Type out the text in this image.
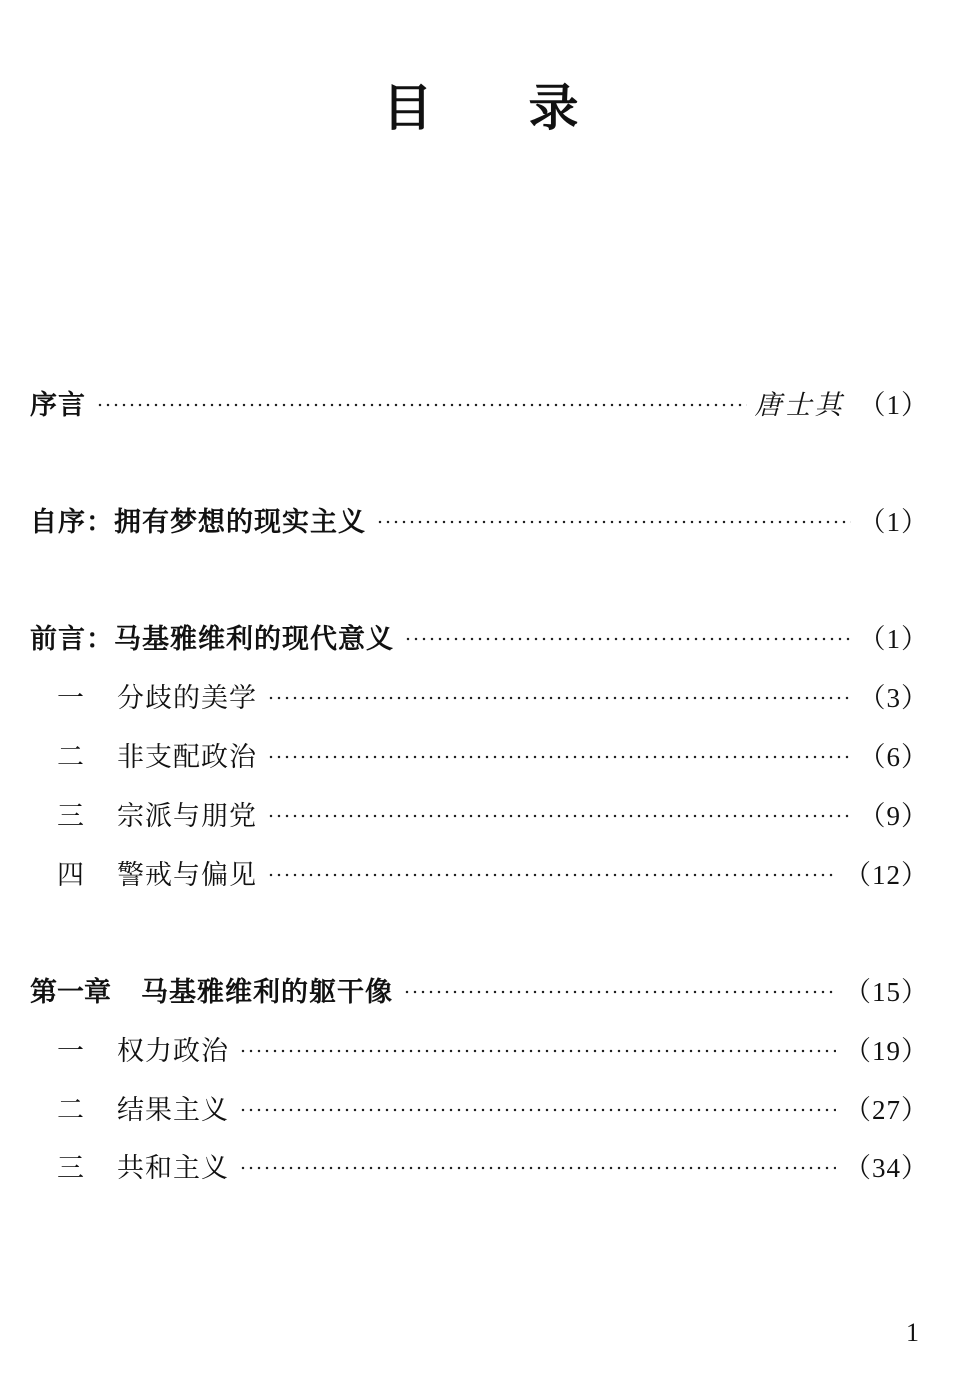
目 录
序言	唐士其 （1）
自序：拥有梦想的现实主义	（1）
前言：马基雅维利的现代意义	（1）
一	分歧的美学	（3）
二	非支配政治	（6）
三	宗派与朋党	（9）
四	警戒与偏见	（12）
第一章 马基雅维利的躯干像	（15）
一	权力政治	（19）
二	结果主义	（27）
三	共和主义	（34）
1
